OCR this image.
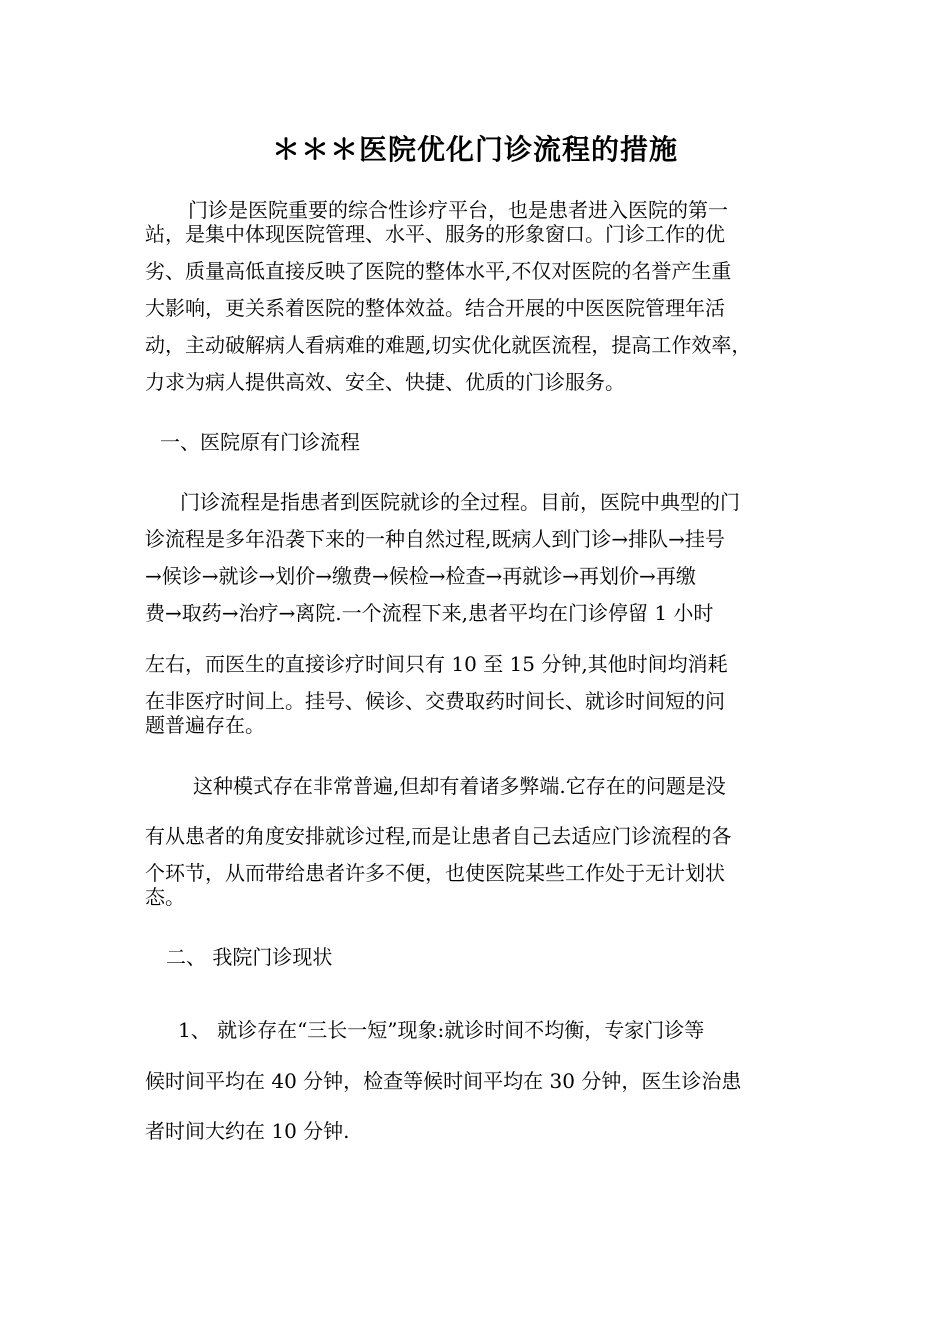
＊＊＊医院优化门诊流程的措施
门诊是医院重要的综合性诊疗平台，也是患者进入医院的第一
站，是集中体现医院管理、水平、服务的形象窗口。门诊工作的优
劣、质量高低直接反映了医院的整体水平,不仅对医院的名誉产生重
大影响，更关系着医院的整体效益。结合开展的中医医院管理年活
动，主动破解病人看病难的难题,切实优化就医流程，提高工作效率，
力求为病人提供高效、安全、快捷、优质的门诊服务。
一、医院原有门诊流程
门诊流程是指患者到医院就诊的全过程。目前，医院中典型的门
诊流程是多年沿袭下来的一种自然过程,既病人到门诊→排队→挂号
→候诊→就诊→划价→缴费→候检→检查→再就诊→再划价→再缴
费→取药→治疗→离院.一个流程下来,患者平均在门诊停留 1 小时
左右，而医生的直接诊疗时间只有 10 至 15 分钟,其他时间均消耗
在非医疗时间上。挂号、候诊、交费取药时间长、就诊时间短的问
题普遍存在。
这种模式存在非常普遍,但却有着诸多弊端.它存在的问题是没
有从患者的角度安排就诊过程,而是让患者自己去适应门诊流程的各
个环节，从而带给患者许多不便，也使医院某些工作处于无计划状
态。
二、 我院门诊现状
1、 就诊存在“三长一短”现象:就诊时间不均衡，专家门诊等
候时间平均在 40 分钟，检查等候时间平均在 30 分钟，医生诊治患
者时间大约在 10 分钟.
